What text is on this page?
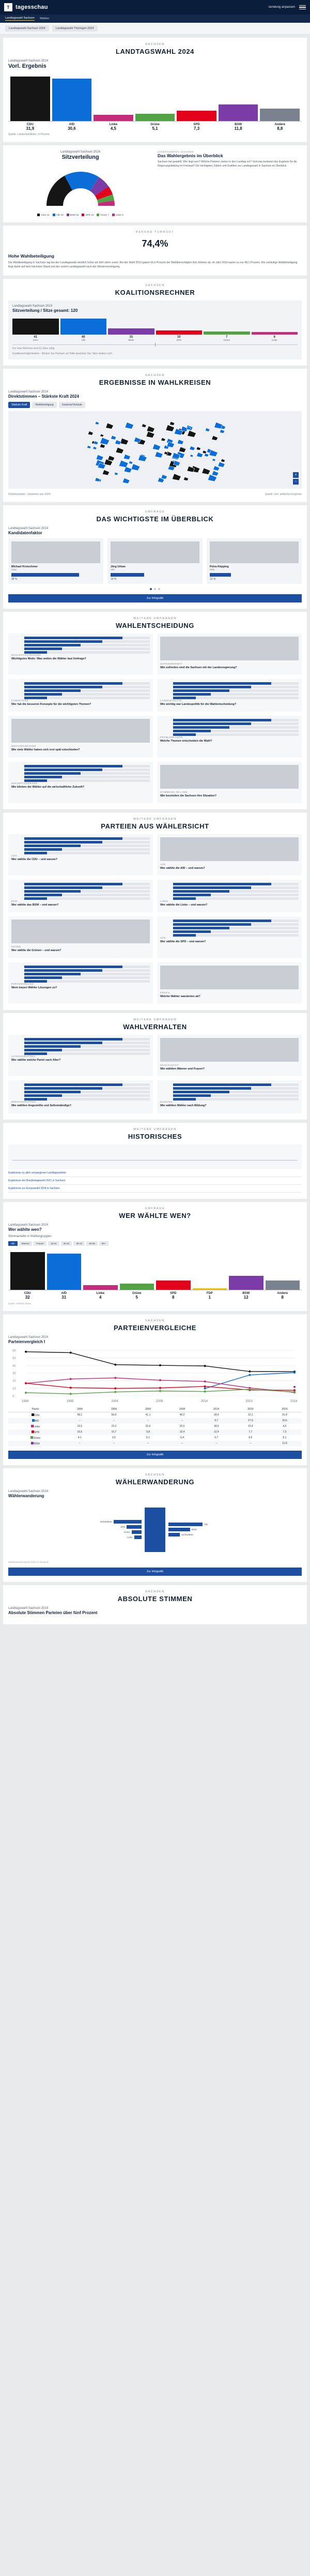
T tagesschau	Sendung anpassen
Landtagswahl Sachsen Wahlen
Landtagswahl Sachsen 2024	Landtagswahl Thüringen 2024
SACHSEN
LANDTAGSWAHL 2024
Landtagswahl Sachsen 2024
Vorl. Ergebnis
CDU
31,9
AfD
30,6
Linke
4,5
Grüne
5,1
SPD
7,3
BSW
11,8
Andere
8,8
Quelle: Landeswahlleiter, in Prozent
Landtagswahl Sachsen 2024
Sitzverteilung
CDU 41	AfD 40	BSW 15	SPD 10	Grüne 7	Linke 6
LANDTAGSWAHL SACHSEN
Das Wahlergebnis im Überblick
Sachsen hat gewählt: Wer liegt vorn? Welche Parteien ziehen in den Landtag ein? Und was bedeutet das Ergebnis für die Regierungsbildung im Freistaat? Die wichtigsten Zahlen und Grafiken zur Landtagswahl in Sachsen im Überblick.
REKORD TURNOUT
74,4%
Hohe Wahlbeteiligung
Die Wahlbeteiligung in Sachsen lag bei der Landtagswahl deutlich höher als fünf Jahre zuvor. Bei der Wahl 2019 gaben 66,6 Prozent der Wahlberechtigten ihre Stimme ab, im Jahr 2014 waren es nur 49,1 Prozent. Die vorläufige Wahlbeteiligung liegt damit auf dem höchsten Stand seit der ersten Landtagswahl nach der Wiedervereinigung.
SACHSEN
KOALITIONSRECHNER
Landtagswahl Sachsen 2024
Sitzverteilung / Sitze gesamt: 120
41	40	15	10	7	6
CDU	AfD	BSW	SPD	Grüne	Linke
Für eine Mehrheit sind 61 Sitze nötig
Koalitionsmöglichkeiten - Klicken Sie Parteien an! Bitte beachten Sie: Sitze ändern sich.
SACHSEN
ERGEBNISSE IN WAHLKREISEN
Landtagswahl Sachsen 2024
Direktstimmen – Stärkste Kraft 2024
Stärkste Kraft	Wahlbeteiligung	Gewinne/Verluste
+
−
Direktmandate – Gewinner aus 2024	Quelle: Vorl. amtliches Ergebnis
UMFRAGE
DAS WICHTIGSTE IM ÜBERBLICK
Landtagswahl Sachsen 2024
Kandidatenfaktor
Michael Kretschmer
CDU
38 %
Jörg Urban
AfD
19 %
Petra Köpping
SPD
12 %
Zur Infografik
WEITERE UMFRAGEN
WAHLENTSCHEIDUNG
WAHLENTSCHEIDUNG
Wichtigstes Motiv: Was wollen die Wähler laut Umfrage?
ZUFRIEDENHEIT
Wie zufrieden sind die Sachsen mit der Landesregierung?
KOMPETENZ
Wer hat die besseren Konzepte für die wichtigsten Themen?
LANDESPOLITIK
Wie wichtig war Landespolitik für die Wahlentscheidung?
WECHSELWÄHLER
Wie viele Wähler haben sich erst spät entschieden?
PROBLEMLAGEN
Welche Themen entscheiden die Wahl?
ZUKUNFTSSORGEN
Wie blicken die Wähler auf die wirtschaftliche Zukunft?
STIMMUNG IM LAND
Wie beurteilen die Sachsen ihre Situation?
WEITERE UMFRAGEN
PARTEIEN AUS WÄHLERSICHT
CDU
Wer wählte die CDU – und warum?
AFD
Wer wählte die AfD – und warum?
BSW
Wer wählte das BSW – und warum?
LINKE
Wer wählte die Linke – und warum?
GRÜNE
Wer wählte die Grünen – und warum?
SPD
Wer wählte die SPD – und warum?
PARTEIBINDUNG
Wem trauen Wähler Lösungen zu?
PROFIL
Welche Wähler wanderten ab?
WEITERE UMFRAGEN
WAHLVERHALTEN
ALTERSGRUPPEN
Wer wählte welche Partei nach Alter?
GESCHLECHT
Wie wählten Männer und Frauen?
BERUFSGRUPPEN
Wie wählten Angestellte und Selbstständige?
BILDUNG
Wie wählten Wähler nach Bildung?
WEITERE UMFRAGEN
HISTORISCHES
Ergebnisse zu allen vergangenen Landtagswahlen
Ergebnisse der Bundestagswahl 2021 in Sachsen
Ergebnisse zur Europawahl 2024 in Sachsen
UMFRAGE
WER WÄHLTE WEN?
Landtagswahl Sachsen 2024
Wer wählte wen?
Stimmanteile in Wählergruppen
Alle	Männer	Frauen	18-24	25-34	35-44	45-59	60+
CDU
32
AfD
31
Linke
4
Grüne
5
SPD
8
FDP
1
BSW
12
Andere
8
Quelle: Infratest dimap
SACHSEN
PARTEIENVERGLEICHE
Landtagswahl Sachsen 2024
Parteienvergleich I
0
10
20
30
40
50
60
1994	1999	2004	2009	2014	2019	2024
Partei	1994	1999	2004	2009	2014	2019	2024
CDU	58,1	56,9	41,1	40,2	39,4	32,1	31,9
AfD	–	–	–	–	9,7	27,5	30,6
Linke	16,5	22,2	23,6	20,6	18,9	10,4	4,5
SPD	16,6	10,7	9,8	10,4	12,4	7,7	7,3
Grüne	4,1	2,6	5,1	6,4	5,7	8,6	5,1
BSW	–	–	–	–	–	–	11,8
Zur Infografik
SACHSEN
WÄHLERWANDERUNG
Landtagswahl Sachsen 2024
Wählerwanderung
Nichtwähler
SPD
Grüne
Linke
AfD
BSW
Nichtwähler
Wählerwanderung zur CDU, in Tausend
Zur Infografik
SACHSEN
ABSOLUTE STIMMEN
Landtagswahl Sachsen 2024
Absolute Stimmen Parteien über fünf Prozent
